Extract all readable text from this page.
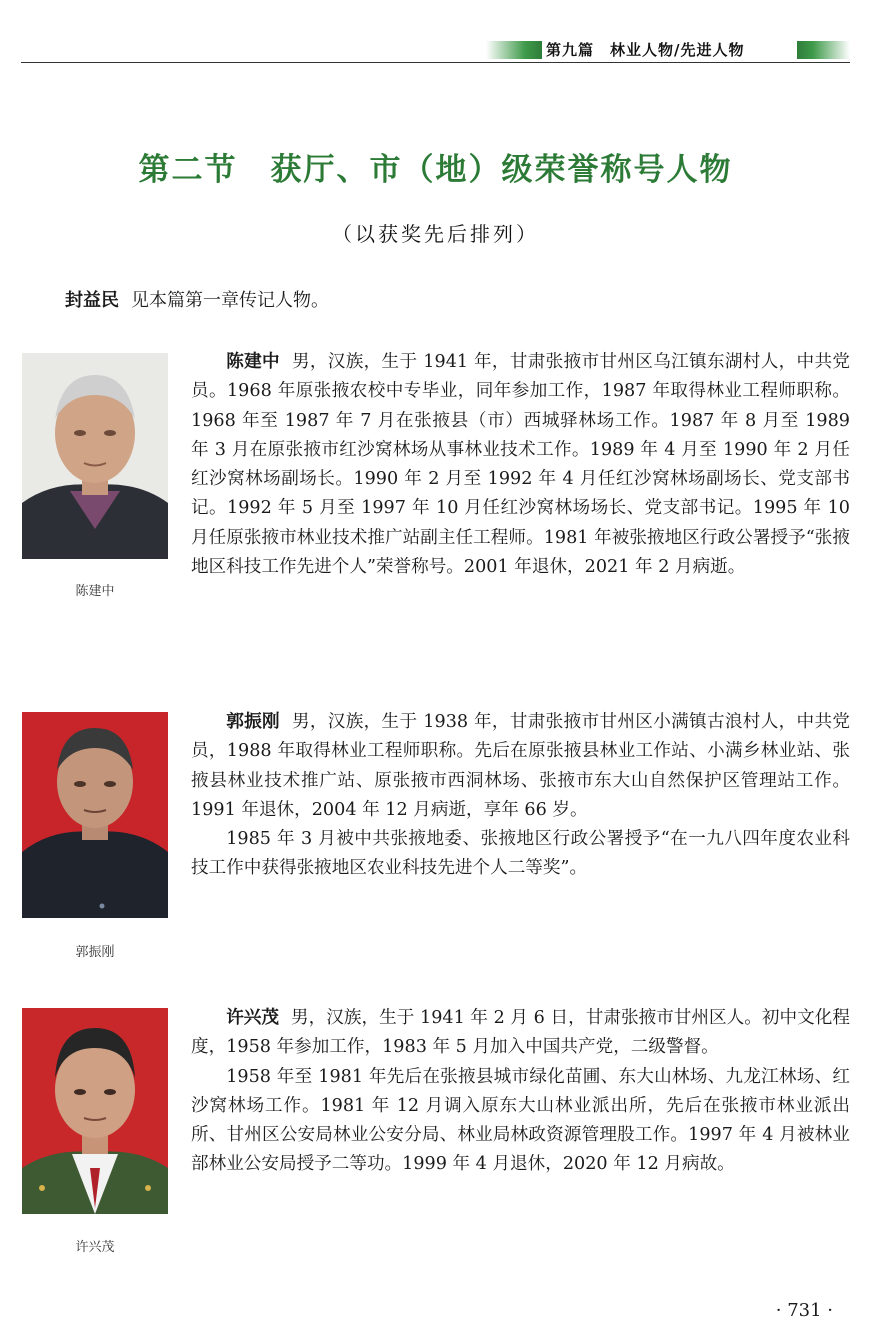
第九篇　林业人物/先进人物
第二节　获厅、市（地）级荣誉称号人物
（以获奖先后排列）
封益民 见本篇第一章传记人物。
陈建中

陈建中 男，汉族，生于 1941 年，甘肃张掖市甘州区乌江镇东湖村人，中共党员。1968 年原张掖农校中专毕业，同年参加工作，1987 年取得林业工程师职称。1968 年至 1987 年 7 月在张掖县（市）西城驿林场工作。1987 年 8 月至 1989 年 3 月在原张掖市红沙窝林场从事林业技术工作。1989 年 4 月至 1990 年 2 月任红沙窝林场副场长。1990 年 2 月至 1992 年 4 月任红沙窝林场副场长、党支部书记。1992 年 5 月至 1997 年 10 月任红沙窝林场场长、党支部书记。1995 年 10 月任原张掖市林业技术推广站副主任工程师。1981 年被张掖地区行政公署授予“张掖地区科技工作先进个人”荣誉称号。2001 年退休，2021 年 2 月病逝。

郭振刚

郭振刚 男，汉族，生于 1938 年，甘肃张掖市甘州区小满镇古浪村人，中共党员，1988 年取得林业工程师职称。先后在原张掖县林业工作站、小满乡林业站、张掖县林业技术推广站、原张掖市西洞林场、张掖市东大山自然保护区管理站工作。1991 年退休，2004 年 12 月病逝，享年 66 岁。

1985 年 3 月被中共张掖地委、张掖地区行政公署授予“在一九八四年度农业科技工作中获得张掖地区农业科技先进个人二等奖”。

许兴茂

许兴茂 男，汉族，生于 1941 年 2 月 6 日，甘肃张掖市甘州区人。初中文化程度，1958 年参加工作，1983 年 5 月加入中国共产党，二级警督。

1958 年至 1981 年先后在张掖县城市绿化苗圃、东大山林场、九龙江林场、红沙窝林场工作。1981 年 12 月调入原东大山林业派出所，先后在张掖市林业派出所、甘州区公安局林业公安分局、林业局林政资源管理股工作。1997 年 4 月被林业部林业公安局授予二等功。1999 年 4 月退休，2020 年 12 月病故。

· 731 ·
